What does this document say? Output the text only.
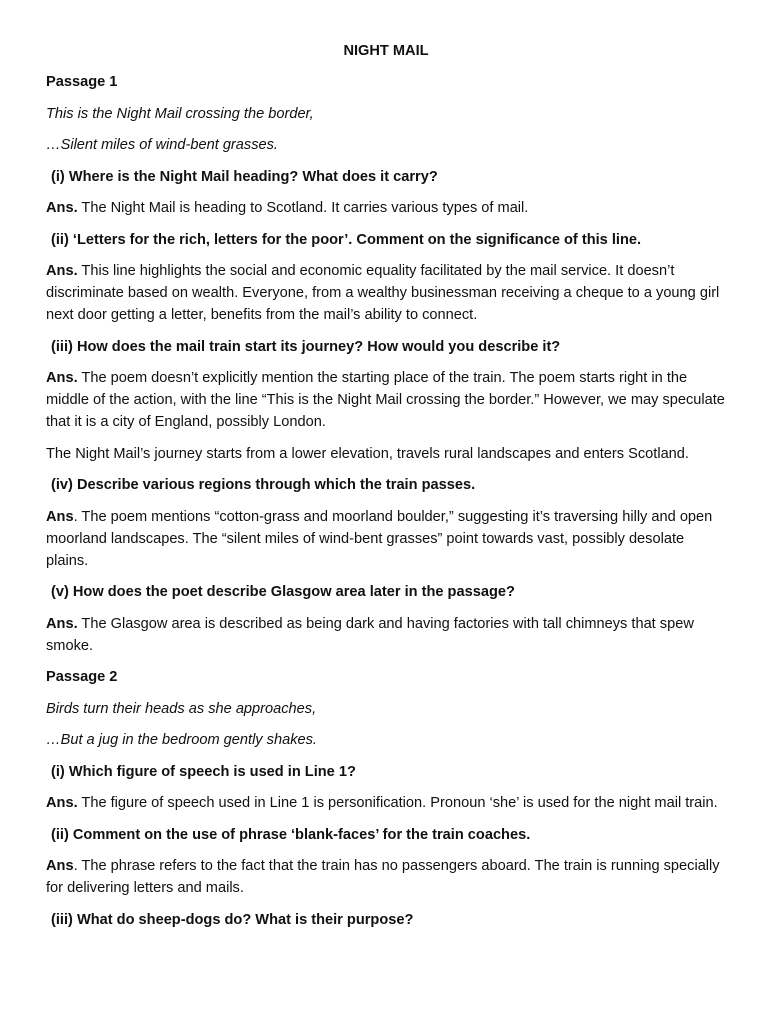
NIGHT MAIL
Passage 1
This is the Night Mail crossing the border,
…Silent miles of wind-bent grasses.
(i) Where is the Night Mail heading? What does it carry?
Ans. The Night Mail is heading to Scotland. It carries various types of mail.
(ii) ‘Letters for the rich, letters for the poor’. Comment on the significance of this line.
Ans. This line highlights the social and economic equality facilitated by the mail service. It doesn’t discriminate based on wealth. Everyone, from a wealthy businessman receiving a cheque to a young girl next door getting a letter, benefits from the mail’s ability to connect.
(iii) How does the mail train start its journey? How would you describe it?
Ans. The poem doesn’t explicitly mention the starting place of the train. The poem starts right in the middle of the action, with the line “This is the Night Mail crossing the border.” However, we may speculate that it is a city of England, possibly London.
The Night Mail’s journey starts from a lower elevation, travels rural landscapes and enters Scotland.
(iv) Describe various regions through which the train passes.
Ans. The poem mentions “cotton-grass and moorland boulder,” suggesting it’s traversing hilly and open moorland landscapes. The “silent miles of wind-bent grasses” point towards vast, possibly desolate plains.
(v) How does the poet describe Glasgow area later in the passage?
Ans. The Glasgow area is described as being dark and having factories with tall chimneys that spew smoke.
Passage 2
Birds turn their heads as she approaches,
…But a jug in the bedroom gently shakes.
(i) Which figure of speech is used in Line 1?
Ans. The figure of speech used in Line 1 is personification. Pronoun ‘she’ is used for the night mail train.
(ii) Comment on the use of phrase ‘blank-faces’ for the train coaches.
Ans. The phrase refers to the fact that the train has no passengers aboard. The train is running specially for delivering letters and mails.
(iii) What do sheep-dogs do? What is their purpose?
